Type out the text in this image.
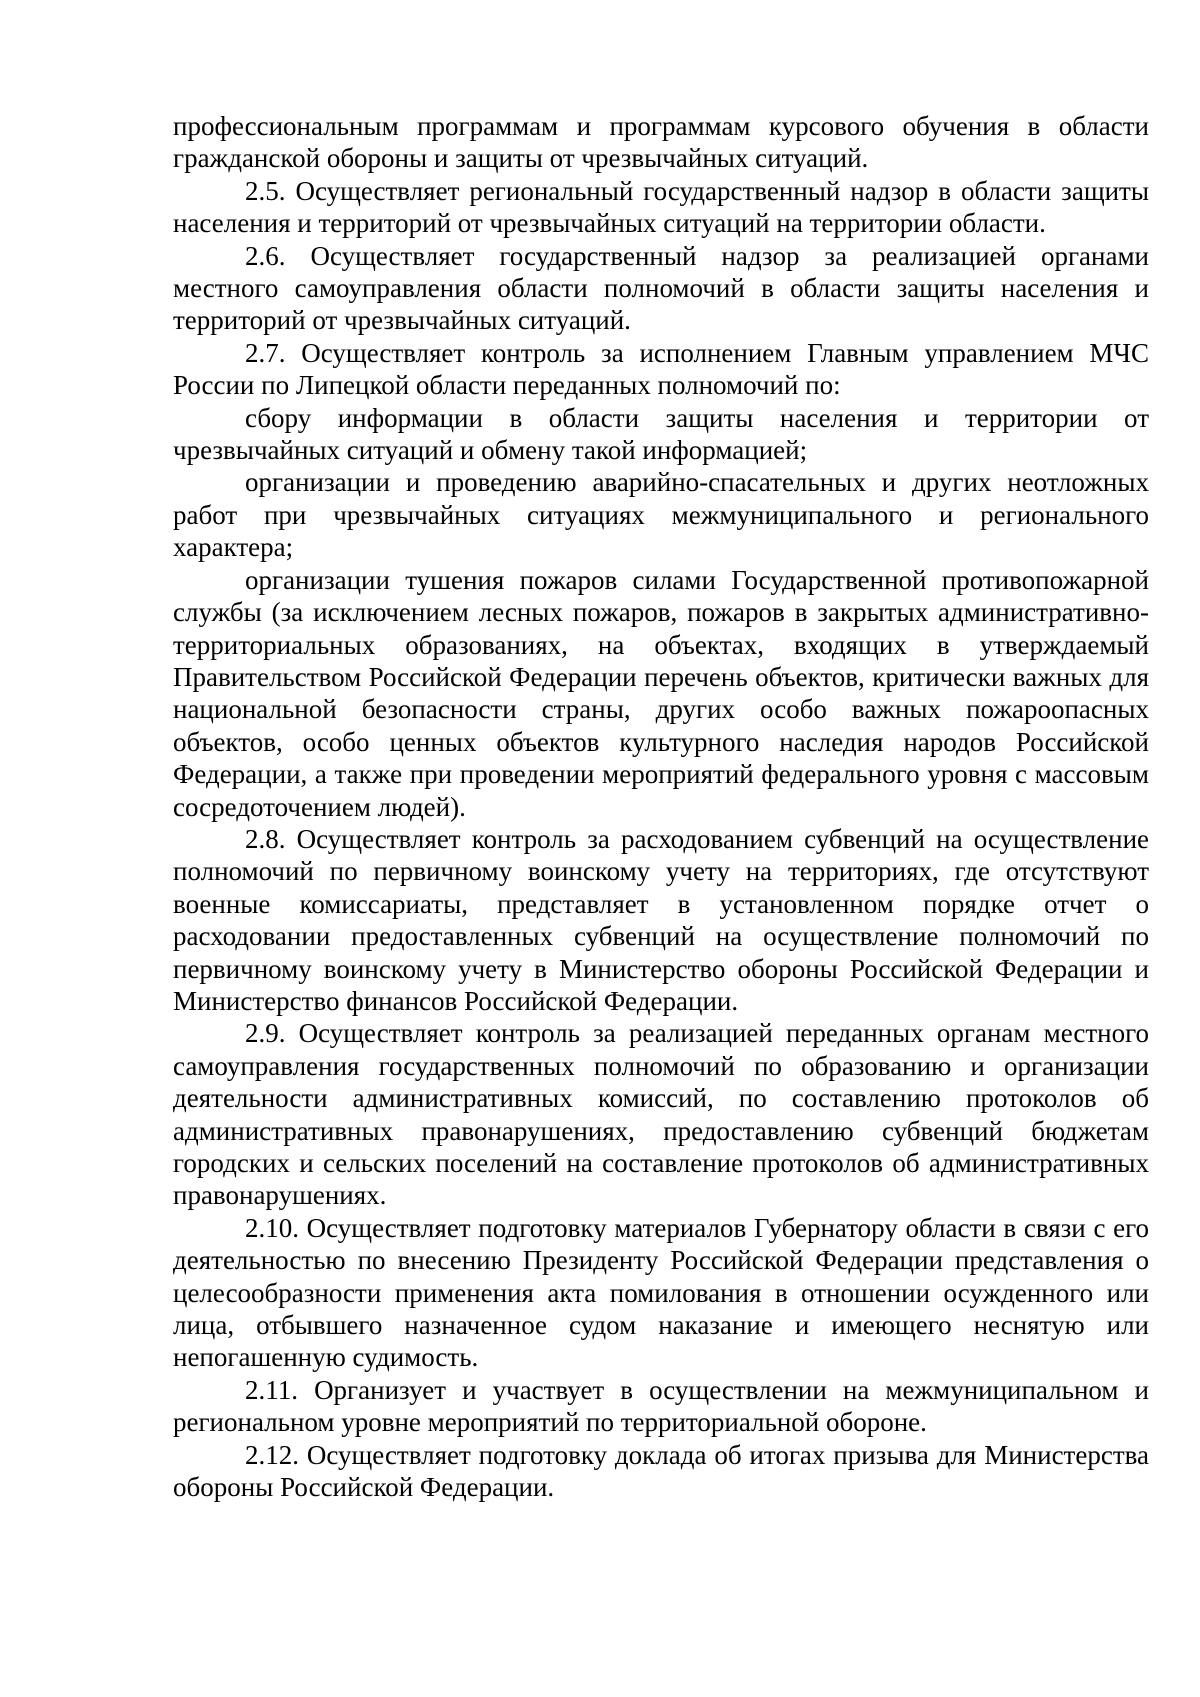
профессиональным программам и программам курсового обучения в области гражданской обороны и защиты от чрезвычайных ситуаций.

2.5. Осуществляет региональный государственный надзор в области защиты населения и территорий от чрезвычайных ситуаций на территории области.

2.6. Осуществляет государственный надзор за реализацией органами местного самоуправления области полномочий в области защиты населения и территорий от чрезвычайных ситуаций.

2.7. Осуществляет контроль за исполнением Главным управлением МЧС России по Липецкой области переданных полномочий по:

сбору информации в области защиты населения и территории от чрезвычайных ситуаций и обмену такой информацией;

организации и проведению аварийно-спасательных и других неотложных работ при чрезвычайных ситуациях межмуниципального и регионального характера;

организации тушения пожаров силами Государственной противопожарной службы (за исключением лесных пожаров, пожаров в закрытых административно-территориальных образованиях, на объектах, входящих в утверждаемый Правительством Российской Федерации перечень объектов, критически важных для национальной безопасности страны, других особо важных пожароопасных объектов, особо ценных объектов культурного наследия народов Российской Федерации, а также при проведении мероприятий федерального уровня с массовым сосредоточением людей).

2.8. Осуществляет контроль за расходованием субвенций на осуществление полномочий по первичному воинскому учету на территориях, где отсутствуют военные комиссариаты, представляет в установленном порядке отчет о расходовании предоставленных субвенций на осуществление полномочий по первичному воинскому учету в Министерство обороны Российской Федерации и Министерство финансов Российской Федерации.

2.9. Осуществляет контроль за реализацией переданных органам местного самоуправления государственных полномочий по образованию и организации деятельности административных комиссий, по составлению протоколов об административных правонарушениях, предоставлению субвенций бюджетам городских и сельских поселений на составление протоколов об административных правонарушениях.

2.10. Осуществляет подготовку материалов Губернатору области в связи с его деятельностью по внесению Президенту Российской Федерации представления о целесообразности применения акта помилования в отношении осужденного или лица, отбывшего назначенное судом наказание и имеющего неснятую или непогашенную судимость.

2.11. Организует и участвует в осуществлении на межмуниципальном и региональном уровне мероприятий по территориальной обороне.

2.12. Осуществляет подготовку доклада об итогах призыва для Министерства обороны Российской Федерации.
